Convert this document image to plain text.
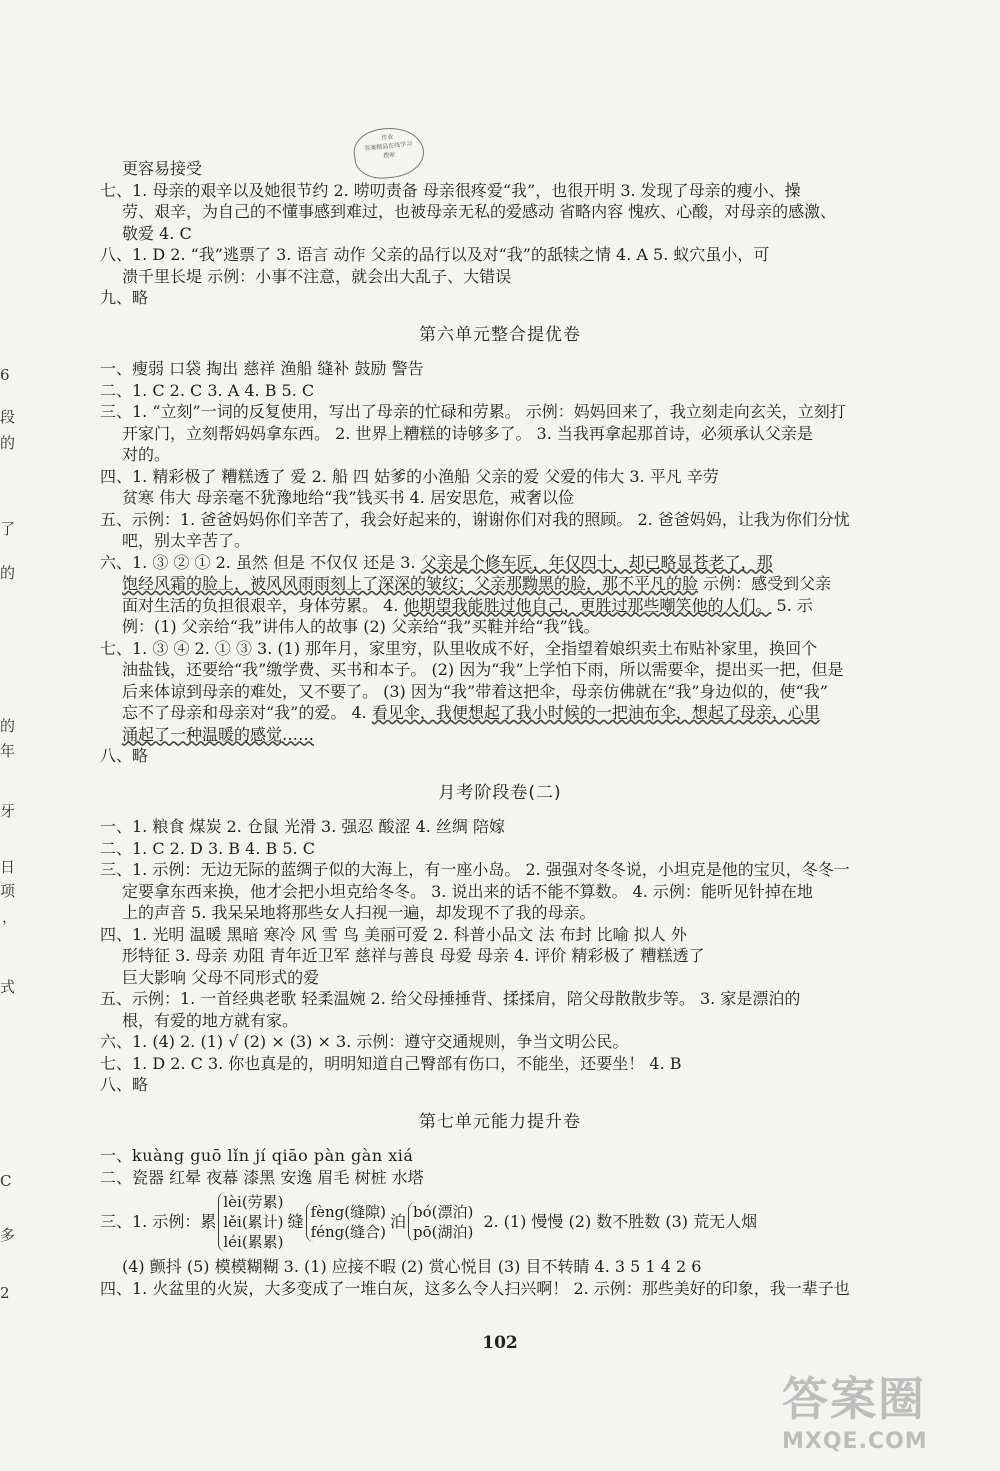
作业
答案精品在线学习
搜索
6
段
的
了
的
的
年
牙
日
项
，
式
C
多
2
更容易接受
七、1. 母亲的艰辛以及她很节约 2. 唠叨责备 母亲很疼爱“我”，也很开明 3. 发现了母亲的瘦小、操
劳、艰辛，为自己的不懂事感到难过，也被母亲无私的爱感动 省略内容 愧疚、心酸，对母亲的感激、
敬爱 4. C
八、1. D 2. “我”逃票了 3. 语言 动作 父亲的品行以及对“我”的舐犊之情 4. A 5. 蚁穴虽小，可
溃千里长堤 示例：小事不注意，就会出大乱子、大错误
九、略
第六单元整合提优卷
一、瘦弱 口袋 掏出 慈祥 渔船 缝补 鼓励 警告
二、1. C 2. C 3. A 4. B 5. C
三、1. “立刻”一词的反复使用，写出了母亲的忙碌和劳累。 示例：妈妈回来了，我立刻走向玄关，立刻打
开家门，立刻帮妈妈拿东西。 2. 世界上糟糕的诗够多了。 3. 当我再拿起那首诗，必须承认父亲是
对的。
四、1. 精彩极了 糟糕透了 爱 2. 船 四 姑爹的小渔船 父亲的爱 父爱的伟大 3. 平凡 辛劳
贫寒 伟大 母亲毫不犹豫地给“我”钱买书 4. 居安思危，戒奢以俭
五、示例：1. 爸爸妈妈你们辛苦了，我会好起来的，谢谢你们对我的照顾。 2. 爸爸妈妈，让我为你们分忧
吧，别太辛苦了。
六、1. ③ ② ① 2. 虽然 但是 不仅仅 还是 3. 父亲是个修车匠，年仅四十，却已略显苍老了，那
饱经风霜的脸上，被风风雨雨刻上了深深的皱纹；父亲那黝黑的脸，那不平凡的脸 示例：感受到父亲
面对生活的负担很艰辛，身体劳累。 4. 他期望我能胜过他自己，更胜过那些嘲笑他的人们。 5. 示
例：(1) 父亲给“我”讲伟人的故事 (2) 父亲给“我”买鞋并给“我”钱。
七、1. ③ ④ 2. ① ③ 3. (1) 那年月，家里穷，队里收成不好，全指望着娘织卖土布贴补家里，换回个
油盐钱，还要给“我”缴学费、买书和本子。 (2) 因为“我”上学怕下雨，所以需要伞，提出买一把，但是
后来体谅到母亲的难处，又不要了。 (3) 因为“我”带着这把伞，母亲仿佛就在“我”身边似的，使“我”
忘不了母亲和母亲对“我”的爱。 4. 看见伞，我便想起了我小时候的一把油布伞，想起了母亲，心里
涌起了一种温暖的感觉……
八、略
月考阶段卷(二)
一、1. 粮食 煤炭 2. 仓鼠 光滑 3. 强忍 酸涩 4. 丝绸 陪嫁
二、1. C 2. D 3. B 4. B 5. C
三、1. 示例：无边无际的蓝绸子似的大海上，有一座小岛。 2. 强强对冬冬说，小坦克是他的宝贝，冬冬一
定要拿东西来换，他才会把小坦克给冬冬。 3. 说出来的话不能不算数。 4. 示例：能听见针掉在地
上的声音 5. 我呆呆地将那些女人扫视一遍，却发现不了我的母亲。
四、1. 光明 温暖 黑暗 寒冷 风 雪 鸟 美丽可爱 2. 科普小品文 法 布封 比喻 拟人 外
形特征 3. 母亲 劝阻 青年近卫军 慈祥与善良 母爱 母亲 4. 评价 精彩极了 糟糕透了
巨大影响 父母不同形式的爱
五、示例：1. 一首经典老歌 轻柔温婉 2. 给父母捶捶背、揉揉肩，陪父母散散步等。 3. 家是漂泊的
根，有爱的地方就有家。
六、1. (4) 2. (1) √ (2) × (3) × 3. 示例：遵守交通规则，争当文明公民。
七、1. D 2. C 3. 你也真是的，明明知道自己臀部有伤口，不能坐，还要坐！ 4. B
八、略
第七单元能力提升卷
一、kuàng guō lǐn jí qiāo pàn gàn xiá
二、瓷器 红晕 夜幕 漆黑 安逸 眉毛 树桩 水塔
三、1. 示例：累
lèi(劳累)
lěi(累计)
léi(累累)
缝
fèng(缝隙)
féng(缝合)
泊
bó(漂泊)
pō(湖泊)
2. (1) 慢慢 (2) 数不胜数 (3) 荒无人烟
(4) 颤抖 (5) 模模糊糊 3. (1) 应接不暇 (2) 赏心悦目 (3) 目不转睛 4. 3 5 1 4 2 6
四、1. 火盆里的火炭，大多变成了一堆白灰，这多么令人扫兴啊！ 2. 示例：那些美好的印象，我一辈子也
102
答案圈
MXQE.COM
